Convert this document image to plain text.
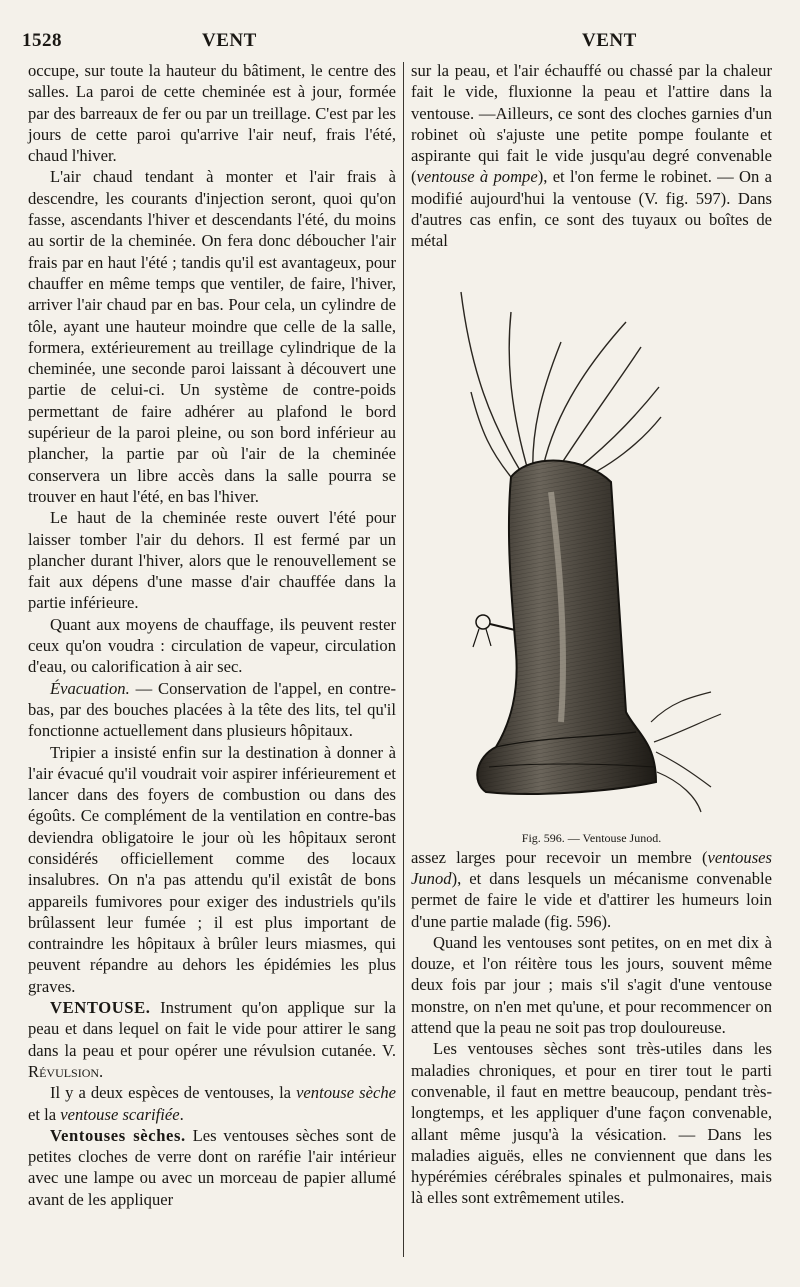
1528	VENT	VENT

occupe, sur toute la hauteur du bâtiment, le centre des salles. La paroi de cette cheminée est à jour, formée par des barreaux de fer ou par un treillage. C'est par les jours de cette paroi qu'arrive l'air neuf, frais l'été, chaud l'hiver.

L'air chaud tendant à monter et l'air frais à descendre, les courants d'injection seront, quoi qu'on fasse, ascendants l'hiver et descendants l'été, du moins au sortir de la cheminée. On fera donc déboucher l'air frais par en haut l'été ; tandis qu'il est avantageux, pour chauffer en même temps que ventiler, de faire, l'hiver, arriver l'air chaud par en bas. Pour cela, un cylindre de tôle, ayant une hauteur moindre que celle de la salle, formera, extérieurement au treillage cylindrique de la cheminée, une seconde paroi laissant à découvert une partie de celui-ci. Un système de contre-poids permettant de faire adhérer au plafond le bord supérieur de la paroi pleine, ou son bord inférieur au plancher, la partie par où l'air de la cheminée conservera un libre accès dans la salle pourra se trouver en haut l'été, en bas l'hiver.

Le haut de la cheminée reste ouvert l'été pour laisser tomber l'air du dehors. Il est fermé par un plancher durant l'hiver, alors que le renouvellement se fait aux dépens d'une masse d'air chauffée dans la partie inférieure.

Quant aux moyens de chauffage, ils peuvent rester ceux qu'on voudra : circulation de vapeur, circulation d'eau, ou calorification à air sec.

Évacuation. — Conservation de l'appel, en contre-bas, par des bouches placées à la tête des lits, tel qu'il fonctionne actuellement dans plusieurs hôpitaux.

Tripier a insisté enfin sur la destination à donner à l'air évacué qu'il voudrait voir aspirer inférieurement et lancer dans des foyers de combustion ou dans des égoûts. Ce complément de la ventilation en contre-bas deviendra obligatoire le jour où les hôpitaux seront considérés officiellement comme des locaux insalubres. On n'a pas attendu qu'il existât de bons appareils fumivores pour exiger des industriels qu'ils brûlassent leur fumée ; il est plus important de contraindre les hôpitaux à brûler leurs miasmes, qui peuvent répandre au dehors les épidémies les plus graves.

VENTOUSE. Instrument qu'on applique sur la peau et dans lequel on fait le vide pour attirer le sang dans la peau et pour opérer une révulsion cutanée. V. Révulsion.

Il y a deux espèces de ventouses, la ventouse sèche et la ventouse scarifiée.

Ventouses sèches. Les ventouses sèches sont de petites cloches de verre dont on raréfie l'air intérieur avec une lampe ou avec un morceau de papier allumé avant de les appliquer

sur la peau, et l'air échauffé ou chassé par la chaleur fait le vide, fluxionne la peau et l'attire dans la ventouse. —Ailleurs, ce sont des cloches garnies d'un robinet où s'ajuste une petite pompe foulante et aspirante qui fait le vide jusqu'au degré convenable (ventouse à pompe), et l'on ferme le robinet. — On a modifié aujourd'hui la ventouse (V. fig. 597). Dans d'autres cas enfin, ce sont des tuyaux ou boîtes de métal

Fig. 596. — Ventouse Junod.

assez larges pour recevoir un membre (ventouses Junod), et dans lesquels un mécanisme convenable permet de faire le vide et d'attirer les humeurs loin d'une partie malade (fig. 596).

Quand les ventouses sont petites, on en met dix à douze, et l'on réitère tous les jours, souvent même deux fois par jour ; mais s'il s'agit d'une ventouse monstre, on n'en met qu'une, et pour recommencer on attend que la peau ne soit pas trop douloureuse.

Les ventouses sèches sont très-utiles dans les maladies chroniques, et pour en tirer tout le parti convenable, il faut en mettre beaucoup, pendant très-longtemps, et les appliquer d'une façon convenable, allant même jusqu'à la vésication. — Dans les maladies aiguës, elles ne conviennent que dans les hypérémies cérébrales spinales et pulmonaires, mais là elles sont extrêmement utiles.
